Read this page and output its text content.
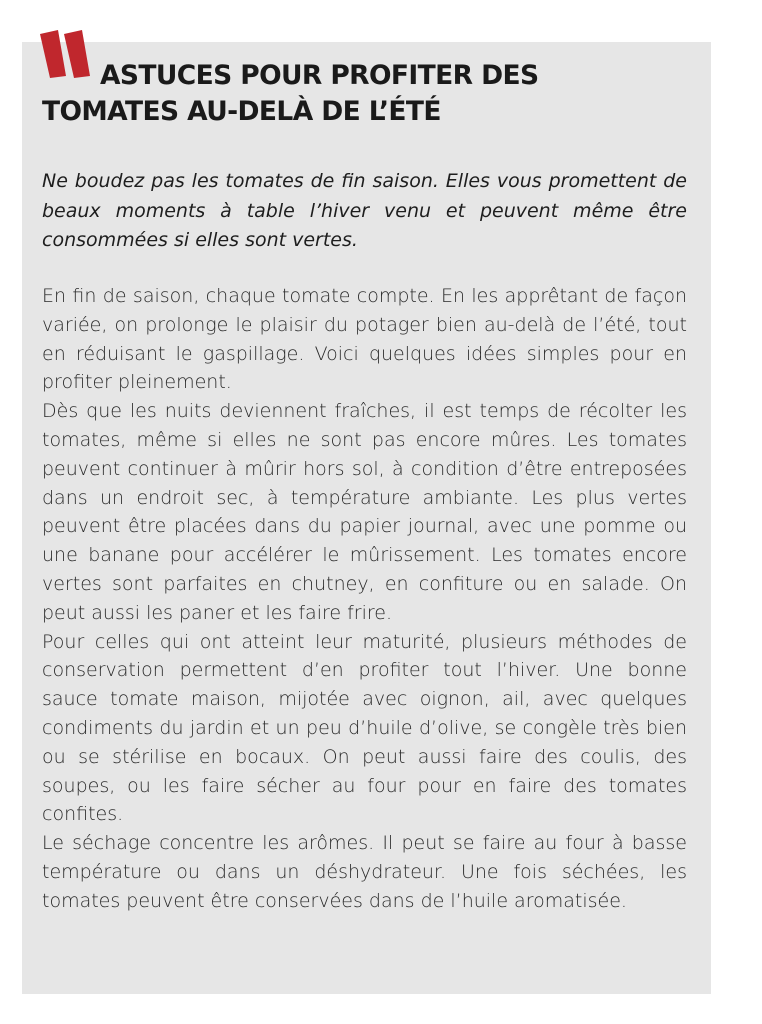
ASTUCES POUR PROFITER DES
TOMATES AU-DELÀ DE L’ÉTÉ

Ne boudez pas les tomates de fin saison. Elles vous promettent de beaux moments à table l’hiver venu et peuvent même être consommées si elles sont vertes.

En fin de saison, chaque tomate compte. En les apprêtant de façon variée, on prolonge le plaisir du potager bien au-delà de l’été, tout en réduisant le gaspillage. Voici quelques idées simples pour en profiter pleinement.

Dès que les nuits deviennent fraîches, il est temps de récolter les tomates, même si elles ne sont pas encore mûres. Les tomates peuvent continuer à mûrir hors sol, à condition d’être entreposées dans un endroit sec, à température ambiante. Les plus vertes peuvent être placées dans du papier journal, avec une pomme ou une banane pour accélérer le mûrissement. Les tomates encore vertes sont parfaites en chutney, en confiture ou en salade. On peut aussi les paner et les faire frire.

Pour celles qui ont atteint leur maturité, plusieurs méthodes de conservation permettent d’en profiter tout l’hiver. Une bonne sauce tomate maison, mijotée avec oignon, ail, avec quelques condiments du jardin et un peu d’huile d’olive, se congèle très bien ou se stérilise en bocaux. On peut aussi faire des coulis, des soupes, ou les faire sécher au four pour en faire des tomates confites.

Le séchage concentre les arômes. Il peut se faire au four à basse température ou dans un déshydrateur. Une fois séchées, les tomates peuvent être conservées dans de l’huile aromatisée.
